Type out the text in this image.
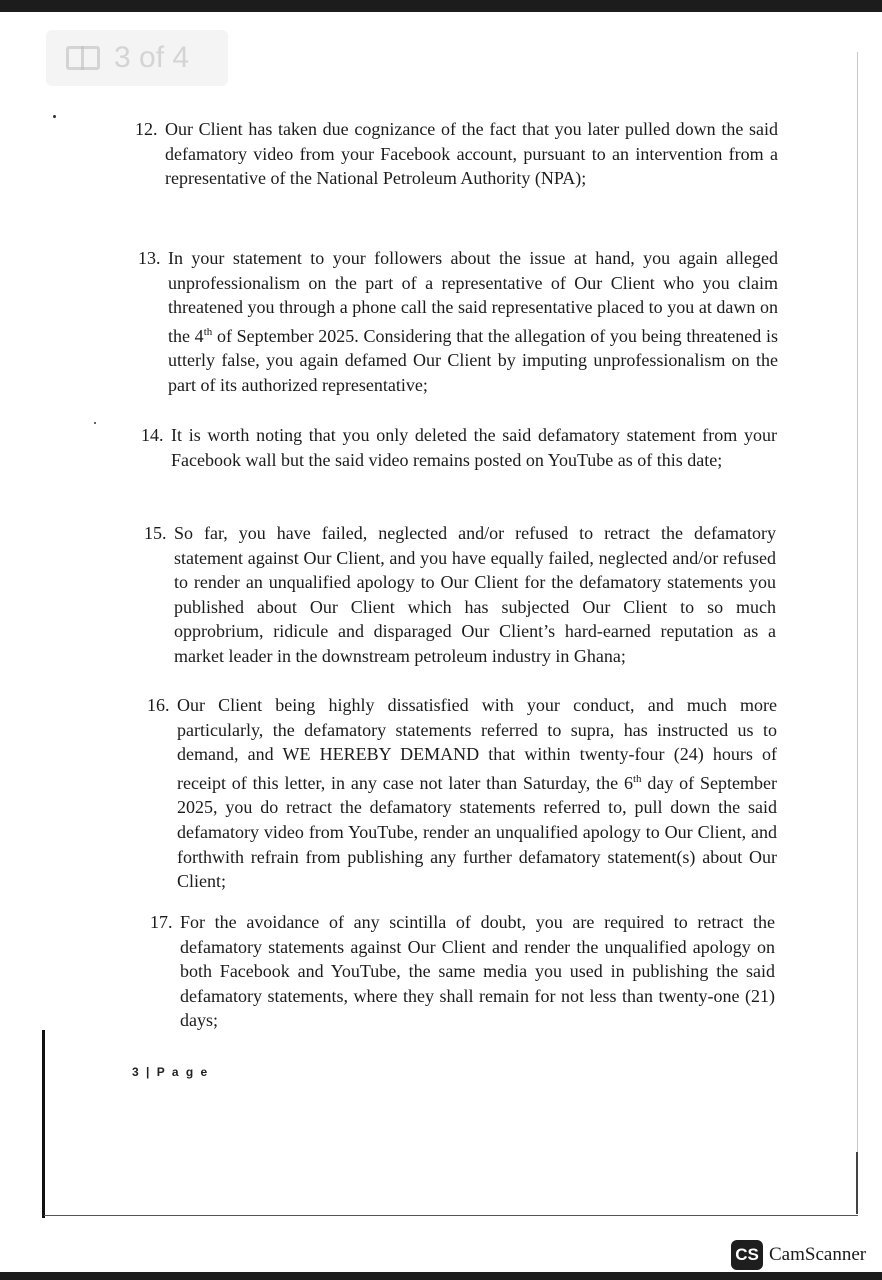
3 of 4

12. Our Client has taken due cognizance of the fact that you later pulled down the said defamatory video from your Facebook account, pursuant to an intervention from a representative of the National Petroleum Authority (NPA);

13. In your statement to your followers about the issue at hand, you again alleged unprofessionalism on the part of a representative of Our Client who you claim threatened you through a phone call the said representative placed to you at dawn on the 4th of September 2025. Considering that the allegation of you being threatened is utterly false, you again defamed Our Client by imputing unprofessionalism on the part of its authorized representative;

14. It is worth noting that you only deleted the said defamatory statement from your Facebook wall but the said video remains posted on YouTube as of this date;

15. So far, you have failed, neglected and/or refused to retract the defamatory statement against Our Client, and you have equally failed, neglected and/or refused to render an unqualified apology to Our Client for the defamatory statements you published about Our Client which has subjected Our Client to so much opprobrium, ridicule and disparaged Our Client’s hard-earned reputation as a market leader in the downstream petroleum industry in Ghana;

16. Our Client being highly dissatisfied with your conduct, and much more particularly, the defamatory statements referred to supra, has instructed us to demand, and WE HEREBY DEMAND that within twenty-four (24) hours of receipt of this letter, in any case not later than Saturday, the 6th day of September 2025, you do retract the defamatory statements referred to, pull down the said defamatory video from YouTube, render an unqualified apology to Our Client, and forthwith refrain from publishing any further defamatory statement(s) about Our Client;

17. For the avoidance of any scintilla of doubt, you are required to retract the defamatory statements against Our Client and render the unqualified apology on both Facebook and YouTube, the same media you used in publishing the said defamatory statements, where they shall remain for not less than twenty-one (21) days;

3 | P a g e
CS CamScanner
